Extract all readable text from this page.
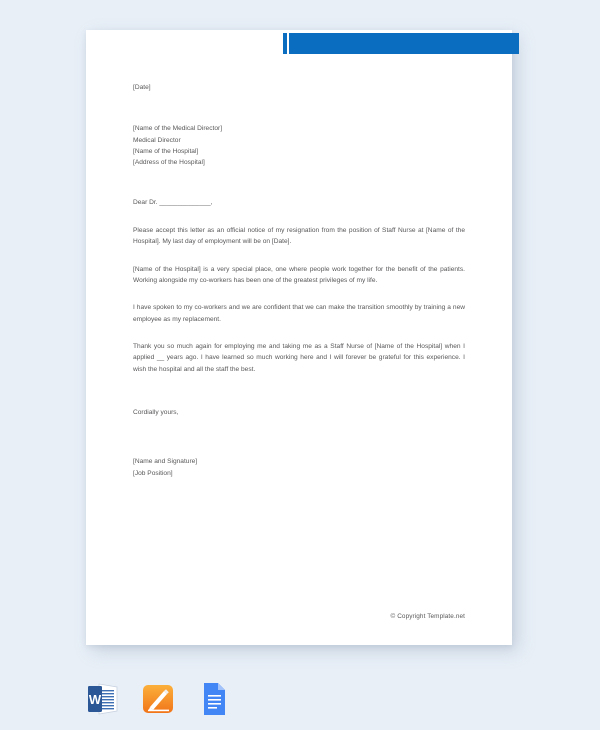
[Date]

[Name of the Medical Director]
Medical Director
[Name of the Hospital]
[Address of the Hospital]

Dear Dr. ______________,

Please accept this letter as an official notice of my resignation from the position of Staff Nurse at [Name of the Hospital]. My last day of employment will be on [Date].

[Name of the Hospital] is a very special place, one where people work together for the benefit of the patients. Working alongside my co-workers has been one of the greatest privileges of my life.

I have spoken to my co-workers and we are confident that we can make the transition smoothly by training a new employee as my replacement.

Thank you so much again for employing me and taking me as a Staff Nurse of [Name of the Hospital] when I applied __ years ago. I have learned so much working here and I will forever be grateful for this experience. I wish the hospital and all the staff the best.

Cordially yours,

[Name and Signature]
[Job Position]
© Copyright Template.net
W
